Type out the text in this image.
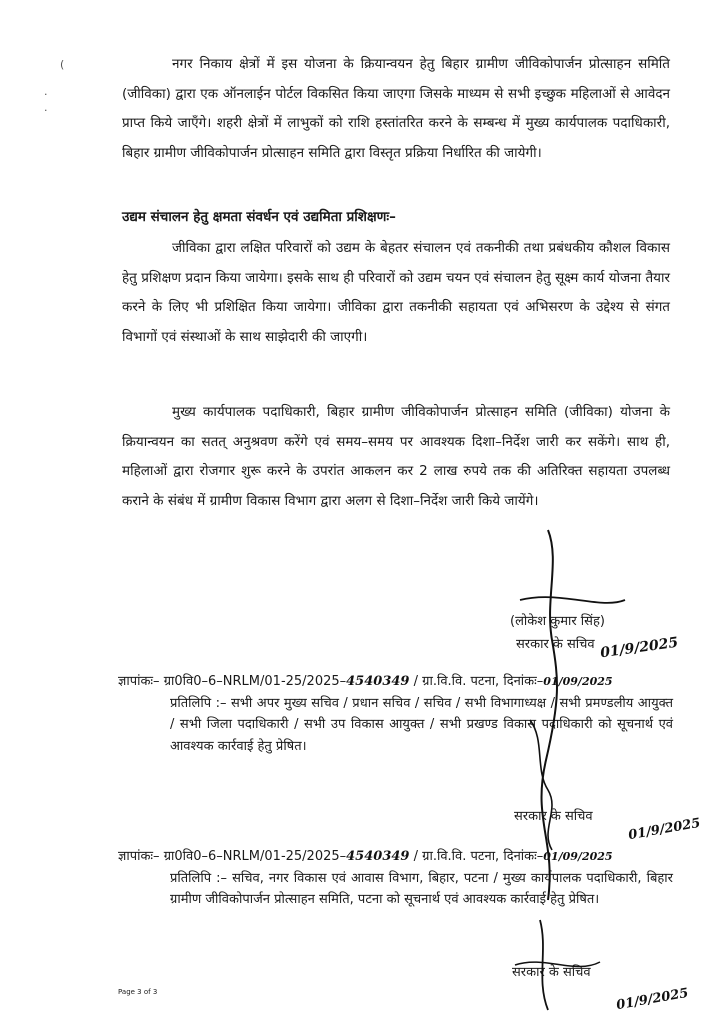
(
·
·
नगर निकाय क्षेत्रों में इस योजना के क्रियान्वयन हेतु बिहार ग्रामीण जीविकोपार्जन प्रोत्साहन समिति (जीविका) द्वारा एक ऑनलाईन पोर्टल विकसित किया जाएगा जिसके माध्यम से सभी इच्छुक महिलाओं से आवेदन प्राप्त किये जाएँगे। शहरी क्षेत्रों में लाभुकों को राशि हस्तांतरित करने के सम्बन्ध में मुख्य कार्यपालक पदाधिकारी, बिहार ग्रामीण जीविकोपार्जन प्रोत्साहन समिति द्वारा विस्तृत प्रक्रिया निर्धारित की जायेगी।
उद्यम संचालन हेतु क्षमता संवर्धन एवं उद्यमिता प्रशिक्षणः–
जीविका द्वारा लक्षित परिवारों को उद्यम के बेहतर संचालन एवं तकनीकी तथा प्रबंधकीय कौशल विकास हेतु प्रशिक्षण प्रदान किया जायेगा। इसके साथ ही परिवारों को उद्यम चयन एवं संचालन हेतु सूक्ष्म कार्य योजना तैयार करने के लिए भी प्रशिक्षित किया जायेगा। जीविका द्वारा तकनीकी सहायता एवं अभिसरण के उद्देश्य से संगत विभागों एवं संस्थाओं के साथ साझेदारी की जाएगी।
मुख्य कार्यपालक पदाधिकारी, बिहार ग्रामीण जीविकोपार्जन प्रोत्साहन समिति (जीविका) योजना के क्रियान्वयन का सतत् अनुश्रवण करेंगे एवं समय–समय पर आवश्यक दिशा–निर्देश जारी कर सकेंगे। साथ ही, महिलाओं द्वारा रोजगार शुरू करने के उपरांत आकलन कर 2 लाख रुपये तक की अतिरिक्त सहायता उपलब्ध कराने के संबंध में ग्रामीण विकास विभाग द्वारा अलग से दिशा–निर्देश जारी किये जायेंगे।
(लोकेश कुमार सिंह)
सरकार के सचिव 01/9/2025
ज्ञापांकः– ग्रा0वि0–6–NRLM/01-25/2025–4540349 / ग्रा.वि.वि. पटना, दिनांकः–01/09/2025
प्रतिलिपि :– सभी अपर मुख्य सचिव / प्रधान सचिव / सचिव / सभी विभागाध्यक्ष / सभी प्रमण्डलीय आयुक्त / सभी जिला पदाधिकारी / सभी उप विकास आयुक्त / सभी प्रखण्ड विकास पदाधिकारी को सूचनार्थ एवं आवश्यक कार्रवाई हेतु प्रेषित।
सरकार के सचिव	01/9/2025
ज्ञापांकः– ग्रा0वि0–6–NRLM/01-25/2025–4540349 / ग्रा.वि.वि. पटना, दिनांकः–01/09/2025
प्रतिलिपि :– सचिव, नगर विकास एवं आवास विभाग, बिहार, पटना / मुख्य कार्यपालक पदाधिकारी, बिहार ग्रामीण जीविकोपार्जन प्रोत्साहन समिति, पटना को सूचनार्थ एवं आवश्यक कार्रवाई हेतु प्रेषित।
सरकार के सचिव
01/9/2025
Page 3 of 3
